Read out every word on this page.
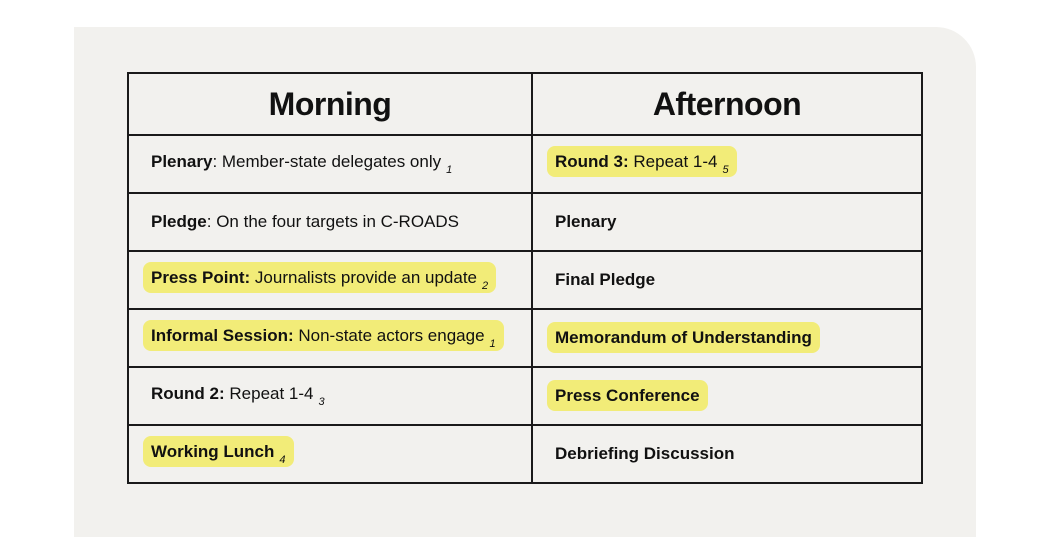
Morning	Afternoon
Plenary: Member-state delegates only $_1$	Round 3: Repeat 1-4 $_5$
Pledge: On the four targets in C-ROADS	Plenary
Press Point: Journalists provide an update $_2$	Final Pledge
Informal Session: Non-state actors engage $_1$	Memorandum of Understanding
Round 2: Repeat 1-4 $_3$	Press Conference
Working Lunch $_4$	Debriefing Discussion
